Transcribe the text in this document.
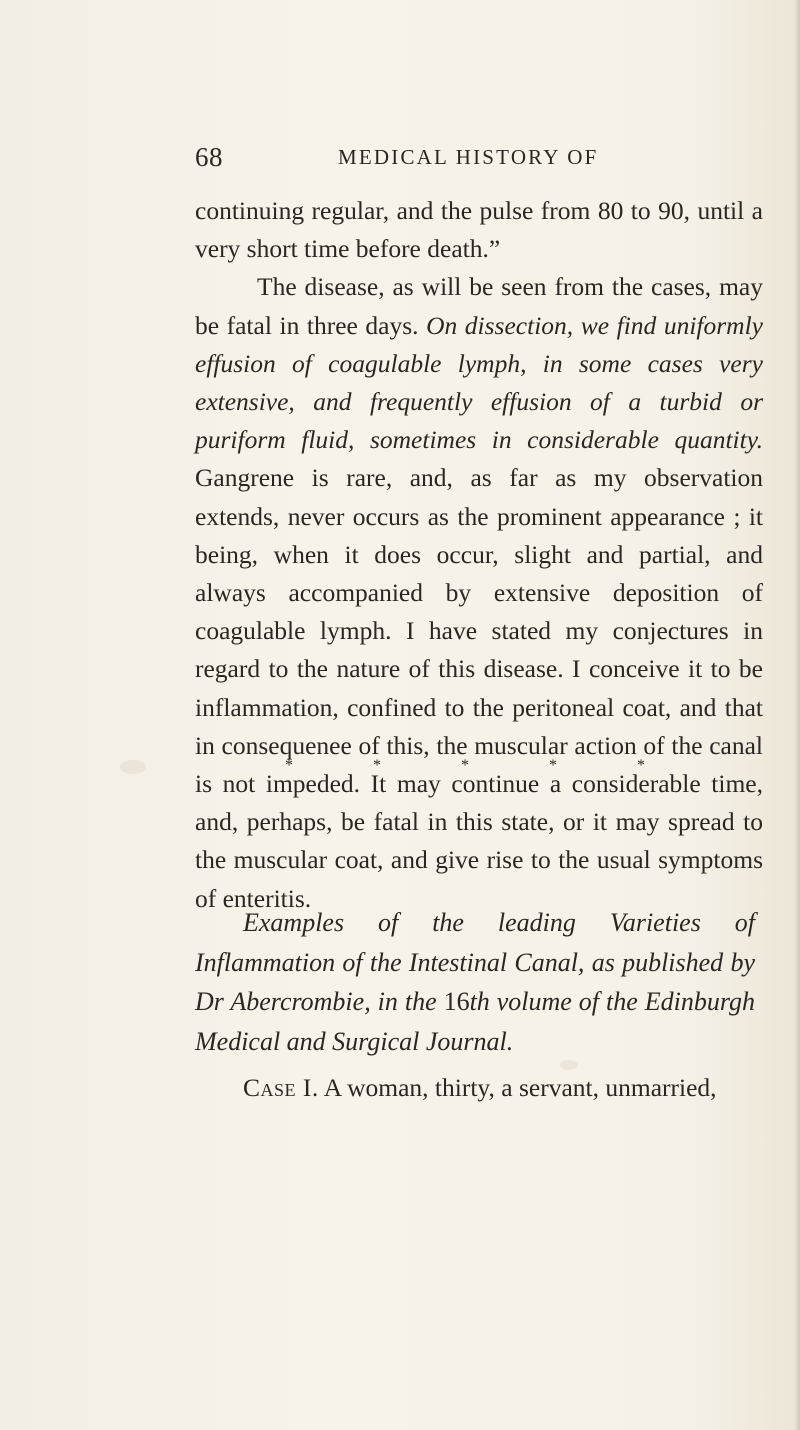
68	MEDICAL HISTORY OF

continuing regular, and the pulse from 80 to 90, until a very short time before death.”

The disease, as will be seen from the cases, may be fatal in three days. On dissection, we find uniformly effusion of coagulable lymph, in some cases very extensive, and frequently effusion of a turbid or puriform fluid, sometimes in considerable quantity. Gangrene is rare, and, as far as my observation extends, never occurs as the prominent appearance ; it being, when it does occur, slight and partial, and always accompanied by extensive deposition of coagulable lymph. I have stated my conjectures in regard to the nature of this disease. I conceive it to be inflammation, confined to the peritoneal coat, and that in consequenee of this, the muscular action of the canal is not impeded. It may continue a considerable time, and, perhaps, be fatal in this state, or it may spread to the muscular coat, and give rise to the usual symptoms of enteritis.

*	*	*	*	*
Examples of the leading Varieties of Inflammation of the Intestinal Canal, as published by Dr Abercrombie, in the 16th volume of the Edinburgh Medical and Surgical Journal.
Case I. A woman, thirty, a servant, unmarried,
